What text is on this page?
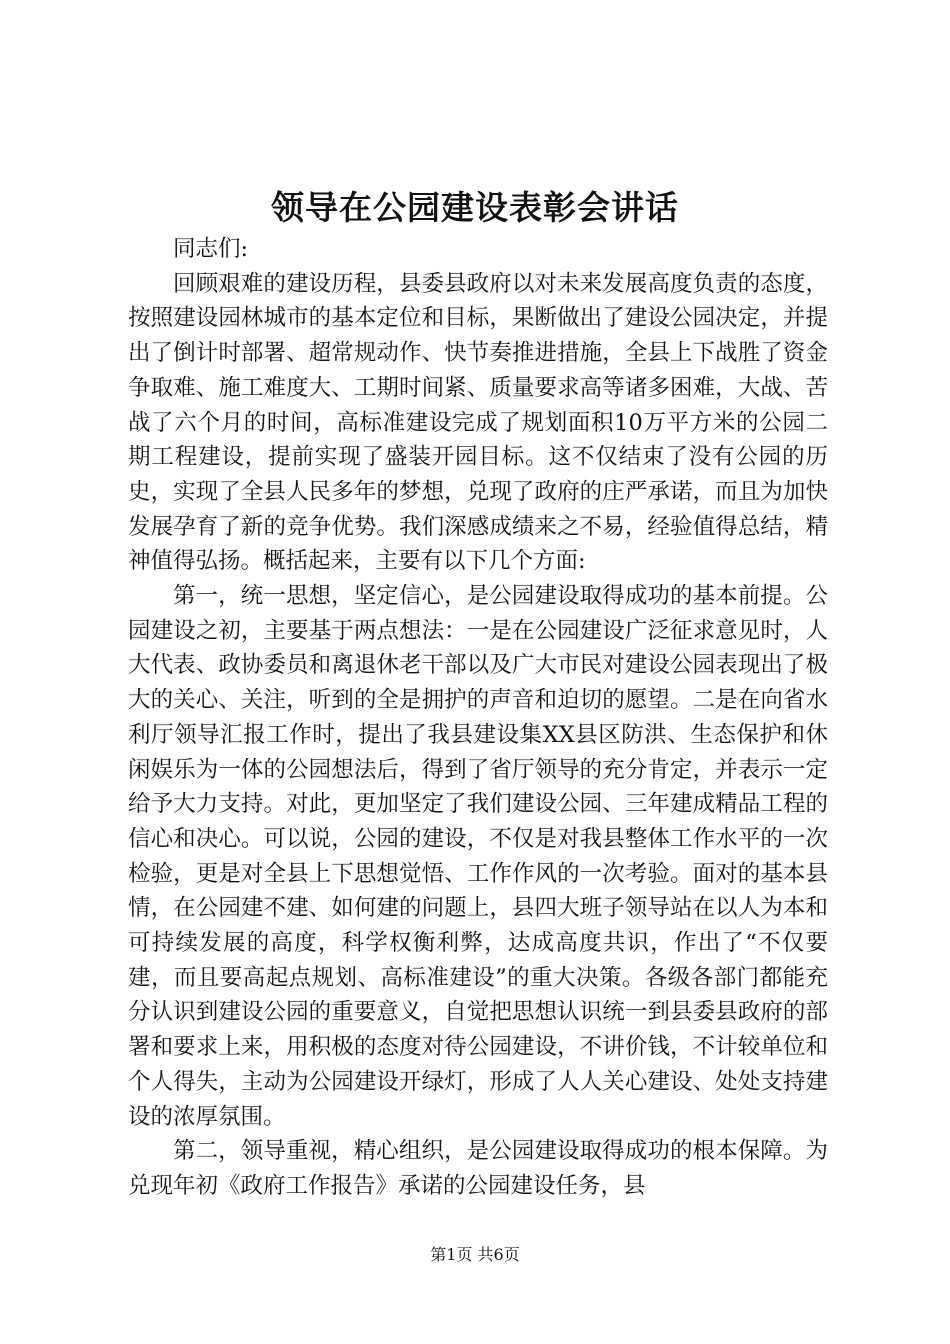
领导在公园建设表彰会讲话

同志们:

回顾艰难的建设历程，县委县政府以对未来发展高度负责的态度，按照建设园林城市的基本定位和目标，果断做出了建设公园决定，并提出了倒计时部署、超常规动作、快节奏推进措施，全县上下战胜了资金争取难、施工难度大、工期时间紧、质量要求高等诸多困难，大战、苦战了六个月的时间，高标准建设完成了规划面积10万平方米的公园二期工程建设，提前实现了盛装开园目标。这不仅结束了没有公园的历史，实现了全县人民多年的梦想，兑现了政府的庄严承诺，而且为加快发展孕育了新的竞争优势。我们深感成绩来之不易，经验值得总结，精神值得弘扬。概括起来，主要有以下几个方面:

第一，统一思想，坚定信心，是公园建设取得成功的基本前提。公园建设之初，主要基于两点想法：一是在公园建设广泛征求意见时，人大代表、政协委员和离退休老干部以及广大市民对建设公园表现出了极大的关心、关注，听到的全是拥护的声音和迫切的愿望。二是在向省水利厅领导汇报工作时，提出了我县建设集XX县区防洪、生态保护和休闲娱乐为一体的公园想法后，得到了省厅领导的充分肯定，并表示一定给予大力支持。对此，更加坚定了我们建设公园、三年建成精品工程的信心和决心。可以说，公园的建设，不仅是对我县整体工作水平的一次检验，更是对全县上下思想觉悟、工作作风的一次考验。面对的基本县情，在公园建不建、如何建的问题上，县四大班子领导站在以人为本和可持续发展的高度，科学权衡利弊，达成高度共识，作出了“不仅要建，而且要高起点规划、高标准建设”的重大决策。各级各部门都能充分认识到建设公园的重要意义，自觉把思想认识统一到县委县政府的部署和要求上来，用积极的态度对待公园建设，不讲价钱，不计较单位和个人得失，主动为公园建设开绿灯，形成了人人关心建设、处处支持建设的浓厚氛围。

第二，领导重视，精心组织，是公园建设取得成功的根本保障。为兑现年初《政府工作报告》承诺的公园建设任务，县

第1页 共6页
